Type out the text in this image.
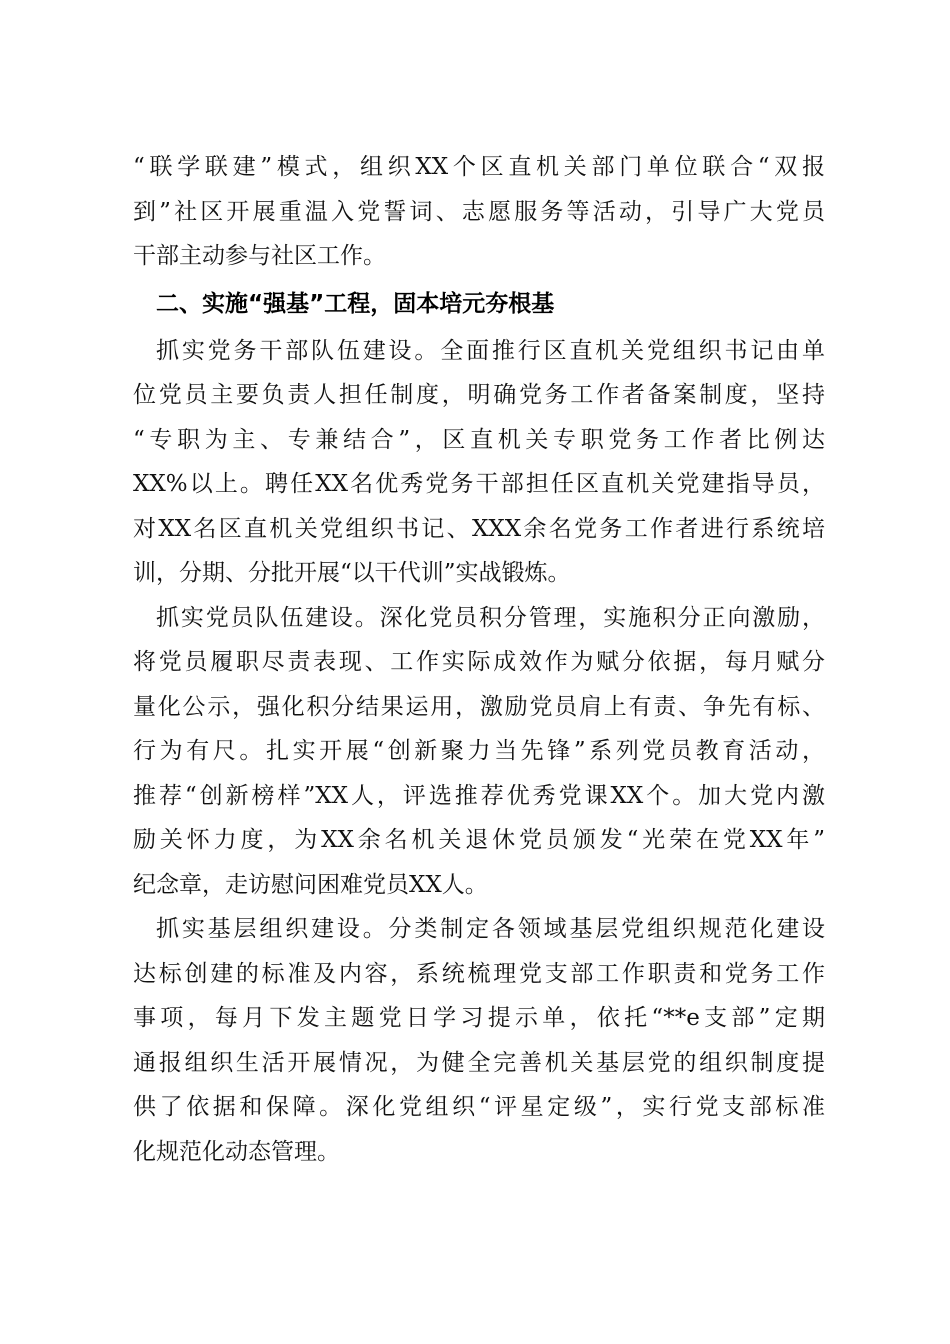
“联学联建”模式，组织XX个区直机关部门单位联合“双报
到”社区开展重温入党誓词、志愿服务等活动，引导广大党员
干部主动参与社区工作。
二、实施“强基”工程，固本培元夯根基
抓实党务干部队伍建设。全面推行区直机关党组织书记由单
位党员主要负责人担任制度，明确党务工作者备案制度，坚持
“专职为主、专兼结合”，区直机关专职党务工作者比例达
XX%以上。聘任XX名优秀党务干部担任区直机关党建指导员，
对XX名区直机关党组织书记、XXX余名党务工作者进行系统培
训，分期、分批开展“以干代训”实战锻炼。
抓实党员队伍建设。深化党员积分管理，实施积分正向激励，
将党员履职尽责表现、工作实际成效作为赋分依据，每月赋分
量化公示，强化积分结果运用，激励党员肩上有责、争先有标、
行为有尺。扎实开展“创新聚力当先锋”系列党员教育活动，
推荐“创新榜样”XX人，评选推荐优秀党课XX个。加大党内激
励关怀力度，为XX余名机关退休党员颁发“光荣在党XX年”
纪念章，走访慰问困难党员XX人。
抓实基层组织建设。分类制定各领域基层党组织规范化建设
达标创建的标准及内容，系统梳理党支部工作职责和党务工作
事项，每月下发主题党日学习提示单，依托“**e支部”定期
通报组织生活开展情况，为健全完善机关基层党的组织制度提
供了依据和保障。深化党组织“评星定级”，实行党支部标准
化规范化动态管理。
